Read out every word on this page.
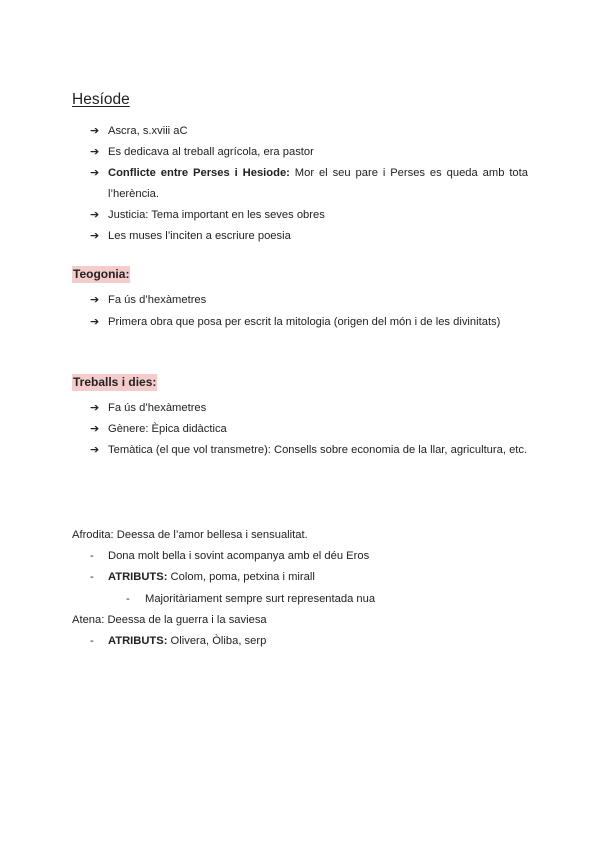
Hesíode
➔ Ascra, s.xviii aC
➔ Es dedicava al treball agrícola, era pastor
➔ Conflicte entre Perses i Hesiode: Mor el seu pare i Perses es queda amb tota l’herència.
➔ Justicia: Tema important en les seves obres
➔ Les muses l’inciten a escriure poesia
Teogonia:
➔ Fa ús d’hexàmetres
➔ Primera obra que posa per escrit la mitologia (origen del món i de les divinitats)
Treballs i dies:
➔ Fa ús d’hexàmetres
➔ Gènere: Èpica didàctica
➔ Temàtica (el que vol transmetre): Consells sobre economia de la llar, agricultura, etc.
Afrodita: Deessa de l’amor bellesa i sensualitat.
- Dona molt bella i sovint acompanya amb el déu Eros
- ATRIBUTS: Colom, poma, petxina i mirall
- Majoritàriament sempre surt representada nua
Atena: Deessa de la guerra i la saviesa
- ATRIBUTS: Olivera, Òliba, serp
